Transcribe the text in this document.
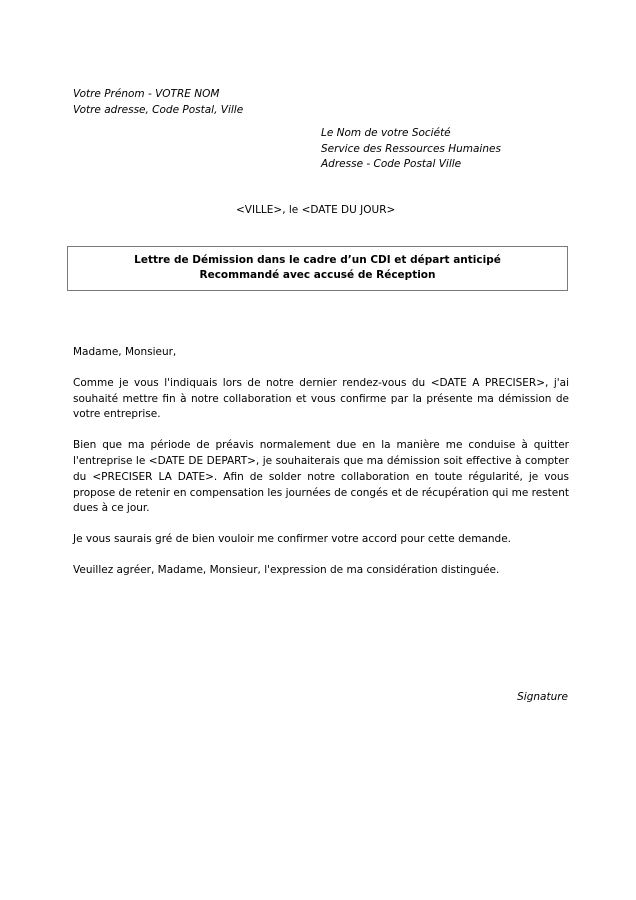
Votre Prénom - VOTRE NOM
Votre adresse, Code Postal, Ville
Le Nom de votre Société
Service des Ressources Humaines
Adresse - Code Postal Ville
<VILLE>, le <DATE DU JOUR>
Lettre de Démission dans le cadre d’un CDI et départ anticipé
Recommandé avec accusé de Réception

Madame, Monsieur,

Comme je vous l'indiquais lors de notre dernier rendez-vous du <DATE A PRECISER>, j'ai souhaité mettre fin à notre collaboration et vous confirme par la présente ma démission de votre entreprise.

Bien que ma période de préavis normalement due en la manière me conduise à quitter l'entreprise le <DATE DE DEPART>, je souhaiterais que ma démission soit effective à compter du <PRECISER LA DATE>. Afin de solder notre collaboration en toute régularité, je vous propose de retenir en compensation les journées de congés et de récupération qui me restent dues à ce jour.

Je vous saurais gré de bien vouloir me confirmer votre accord pour cette demande.

Veuillez agréer, Madame, Monsieur, l'expression de ma considération distinguée.

Signature
